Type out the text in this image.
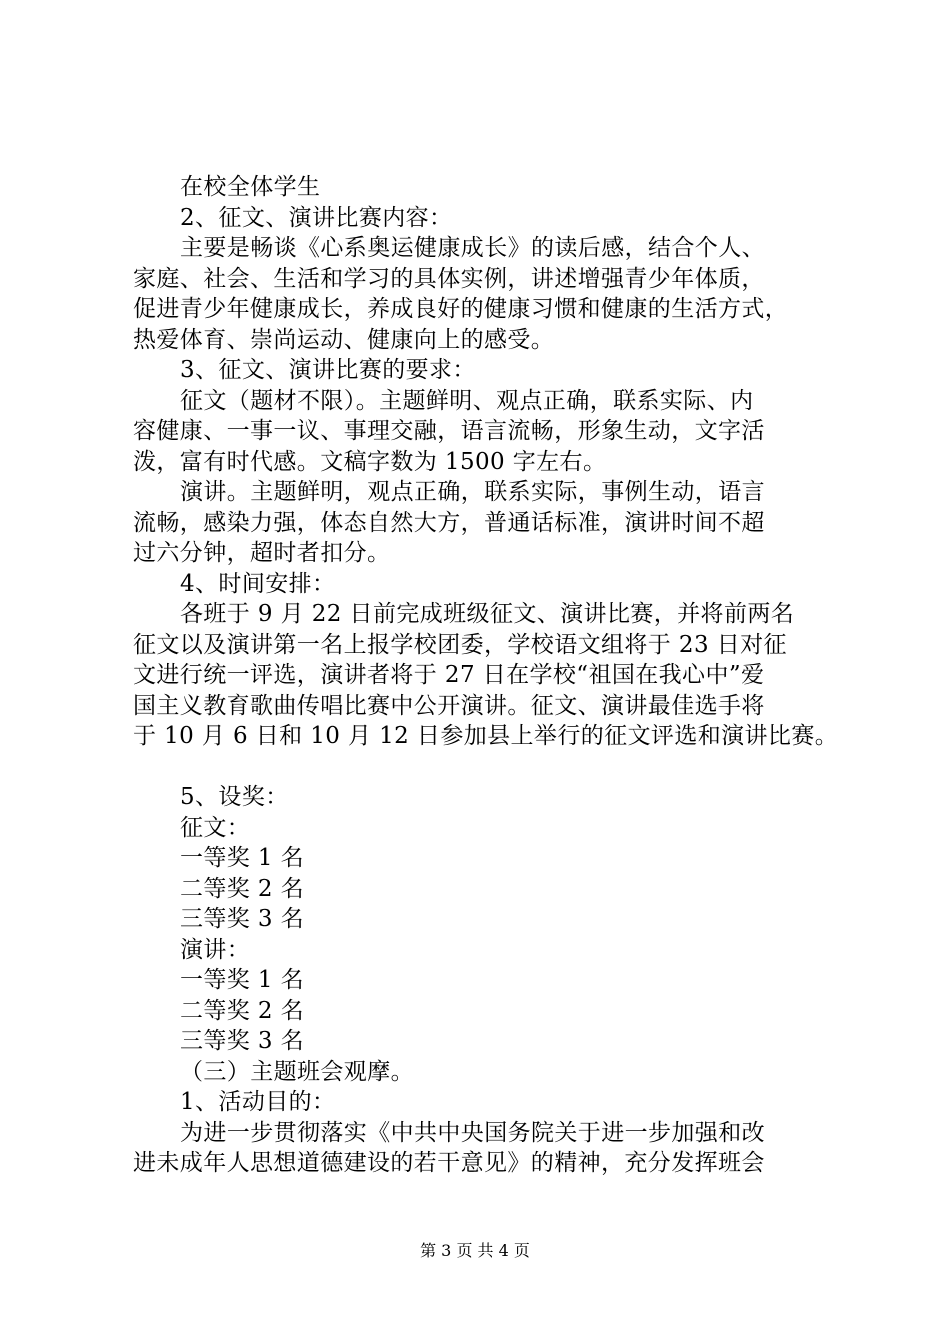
在校全体学生
2、征文、演讲比赛内容：
主要是畅谈《心系奥运健康成长》的读后感，结合个人、
家庭、社会、生活和学习的具体实例，讲述增强青少年体质，
促进青少年健康成长，养成良好的健康习惯和健康的生活方式，
热爱体育、崇尚运动、健康向上的感受。
3、征文、演讲比赛的要求：
征文（题材不限）。主题鲜明、观点正确，联系实际、内
容健康、一事一议、事理交融，语言流畅，形象生动，文字活
泼，富有时代感。文稿字数为 1500 字左右。
演讲。主题鲜明，观点正确，联系实际，事例生动，语言
流畅，感染力强，体态自然大方，普通话标准，演讲时间不超
过六分钟，超时者扣分。
4、时间安排：
各班于 9 月 22 日前完成班级征文、演讲比赛，并将前两名
征文以及演讲第一名上报学校团委，学校语文组将于 23 日对征
文进行统一评选，演讲者将于 27 日在学校“祖国在我心中”爱
国主义教育歌曲传唱比赛中公开演讲。征文、演讲最佳选手将
于 10 月 6 日和 10 月 12 日参加县上举行的征文评选和演讲比赛。
5、设奖：
征文：
一等奖 1 名
二等奖 2 名
三等奖 3 名
演讲：
一等奖 1 名
二等奖 2 名
三等奖 3 名
（三）主题班会观摩。
1、活动目的：
为进一步贯彻落实《中共中央国务院关于进一步加强和改
进未成年人思想道德建设的若干意见》的精神，充分发挥班会
第 3 页 共 4 页
